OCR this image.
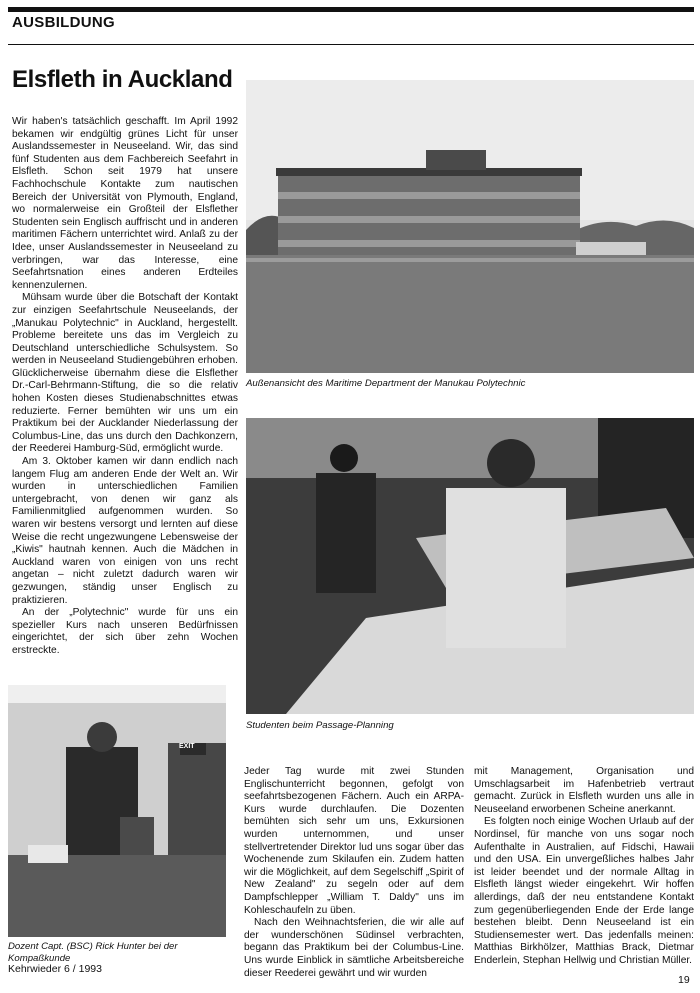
AUSBILDUNG
Elsfleth in Auckland

Wir haben's tatsächlich geschafft. Im April 1992 bekamen wir endgültig grünes Licht für unser Auslandssemester in Neuseeland. Wir, das sind fünf Studenten aus dem Fachbereich Seefahrt in Elsfleth. Schon seit 1979 hat unsere Fachhochschule Kontakte zum nautischen Bereich der Universität von Plymouth, England, wo normalerweise ein Großteil der Elsflether Studenten sein Englisch auffrischt und in anderen maritimen Fächern unterrichtet wird. Anlaß zu der Idee, unser Auslandssemester in Neuseeland zu verbringen, war das Interesse, eine Seefahrtsnation eines anderen Erdteiles kennenzulernen.

Mühsam wurde über die Botschaft der Kontakt zur einzigen Seefahrtschule Neuseelands, der „Manukau Polytechnic" in Auckland, hergestellt. Probleme bereitete uns das im Vergleich zu Deutschland unterschiedliche Schulsystem. So werden in Neuseeland Studiengebühren erhoben. Glücklicherweise übernahm diese die Elsflether Dr.-Carl-Behrmann-Stiftung, die so die relativ hohen Kosten dieses Studienabschnittes etwas reduzierte. Ferner bemühten wir uns um ein Praktikum bei der Aucklander Niederlassung der Columbus-Line, das uns durch den Dachkonzern, der Reederei Hamburg-Süd, ermöglicht wurde.

Am 3. Oktober kamen wir dann endlich nach langem Flug am anderen Ende der Welt an. Wir wurden in unterschiedlichen Familien untergebracht, von denen wir ganz als Familienmitglied aufgenommen wurden. So waren wir bestens versorgt und lernten auf diese Weise die recht ungezwungene Lebensweise der „Kiwis" hautnah kennen. Auch die Mädchen in Auckland waren von einigen von uns recht angetan – nicht zuletzt dadurch waren wir gezwungen, ständig unser Englisch zu praktizieren.

An der „Polytechnic" wurde für uns ein spezieller Kurs nach unseren Bedürfnissen eingerichtet, der sich über zehn Wochen erstreckte.

Außenansicht des Maritime Department der Manukau Polytechnic
Studenten beim Passage-Planning
EXIT
Dozent Capt. (BSC) Rick Hunter bei der Kompaßkunde

Jeder Tag wurde mit zwei Stunden Englischunterricht begonnen, gefolgt von seefahrtsbezogenen Fächern. Auch ein ARPA-Kurs wurde durchlaufen. Die Dozenten bemühten sich sehr um uns, Exkursionen wurden unternommen, und unser stellvertretender Direktor lud uns sogar über das Wochenende zum Skilaufen ein. Zudem hatten wir die Möglichkeit, auf dem Segelschiff „Spirit of New Zealand" zu segeln oder auf dem Dampfschlepper „William T. Daldy" uns im Kohleschaufeln zu üben.

Nach den Weihnachtsferien, die wir alle auf der wunderschönen Südinsel verbrachten, begann das Praktikum bei der Columbus-Line. Uns wurde Einblick in sämtliche Arbeitsbereiche dieser Reederei gewährt und wir wurden

mit Management, Organisation und Umschlagsarbeit im Hafenbetrieb vertraut gemacht. Zurück in Elsfleth wurden uns alle in Neuseeland erworbenen Scheine anerkannt.

Es folgten noch einige Wochen Urlaub auf der Nordinsel, für manche von uns sogar noch Aufenthalte in Australien, auf Fidschi, Hawaii und den USA. Ein unvergeßliches halbes Jahr ist leider beendet und der normale Alltag in Elsfleth längst wieder eingekehrt. Wir hoffen allerdings, daß der neu entstandene Kontakt zum gegenüberliegenden Ende der Erde lange bestehen bleibt. Denn Neuseeland ist ein Studiensemester wert. Das jedenfalls meinen: Matthias Birkhölzer, Matthias Brack, Dietmar Enderlein, Stephan Hellwig und Christian Müller.

Kehrwieder 6 / 1993
19
